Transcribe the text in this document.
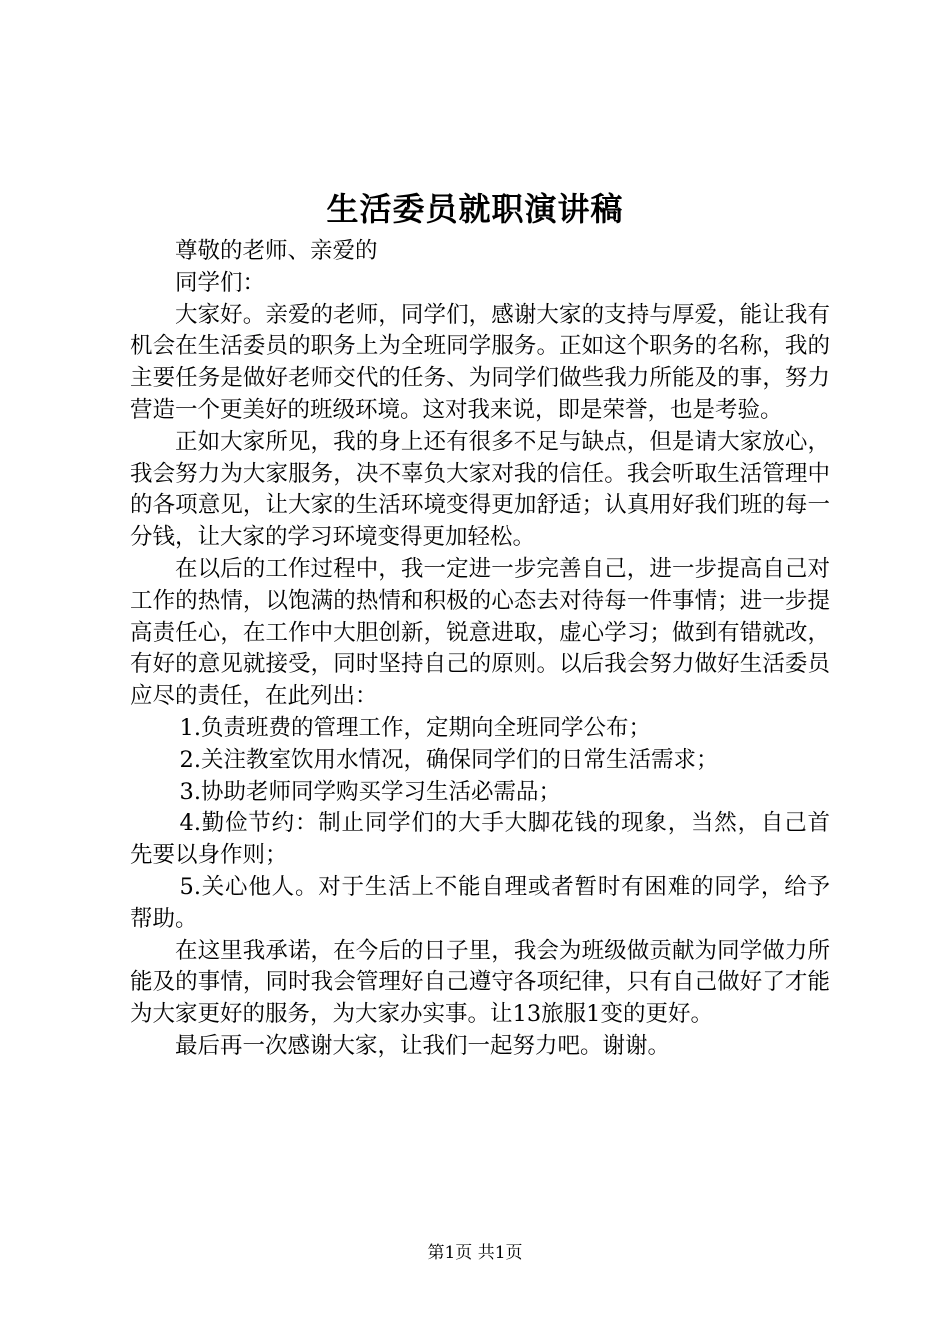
生活委员就职演讲稿

尊敬的老师、亲爱的

同学们：

大家好。亲爱的老师，同学们，感谢大家的支持与厚爱，能让我有机会在生活委员的职务上为全班同学服务。正如这个职务的名称，我的主要任务是做好老师交代的任务、为同学们做些我力所能及的事，努力营造一个更美好的班级环境。这对我来说，即是荣誉，也是考验。

正如大家所见，我的身上还有很多不足与缺点，但是请大家放心，我会努力为大家服务，决不辜负大家对我的信任。我会听取生活管理中的各项意见，让大家的生活环境变得更加舒适；认真用好我们班的每一分钱，让大家的学习环境变得更加轻松。

在以后的工作过程中，我一定进一步完善自己，进一步提高自己对工作的热情，以饱满的热情和积极的心态去对待每一件事情；进一步提高责任心，在工作中大胆创新，锐意进取，虚心学习；做到有错就改，有好的意见就接受，同时坚持自己的原则。以后我会努力做好生活委员应尽的责任，在此列出：

1.负责班费的管理工作，定期向全班同学公布；

2.关注教室饮用水情况，确保同学们的日常生活需求；

3.协助老师同学购买学习生活必需品；

4.勤俭节约：制止同学们的大手大脚花钱的现象，当然，自己首先要以身作则；

5.关心他人。对于生活上不能自理或者暂时有困难的同学，给予帮助。

在这里我承诺，在今后的日子里，我会为班级做贡献为同学做力所能及的事情，同时我会管理好自己遵守各项纪律，只有自己做好了才能为大家更好的服务，为大家办实事。让13旅服1变的更好。

最后再一次感谢大家，让我们一起努力吧。谢谢。

第1页 共1页
